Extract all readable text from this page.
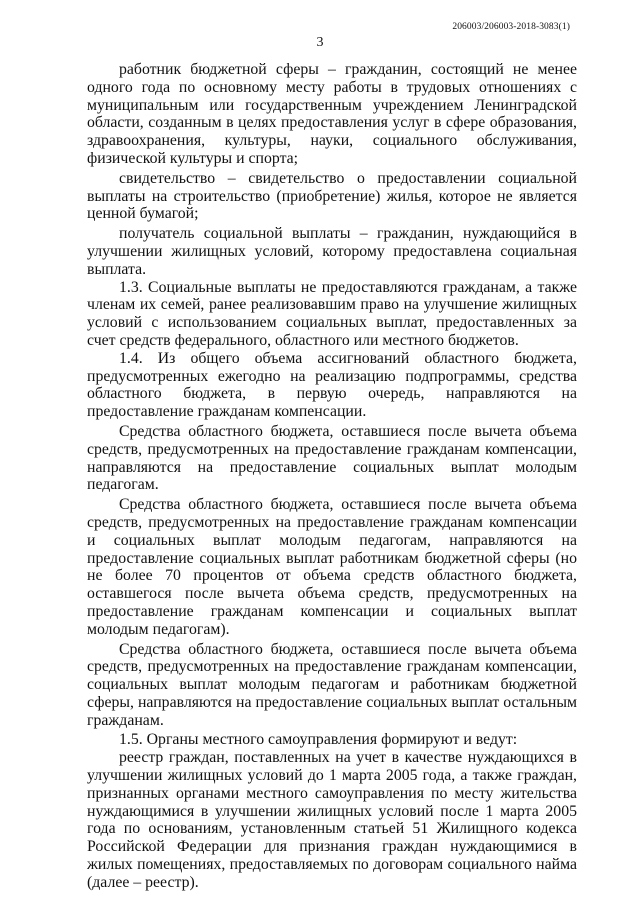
206003/206003-2018-3083(1)
3

работник бюджетной сферы – гражданин, состоящий не менее одного года по основному месту работы в трудовых отношениях с муниципальным или государственным учреждением Ленинградской области, созданным в целях предоставления услуг в сфере образования, здравоохранения, культуры, науки, социального обслуживания, физической культуры и спорта;

свидетельство – свидетельство о предоставлении социальной выплаты на строительство (приобретение) жилья, которое не является ценной бумагой;

получатель социальной выплаты – гражданин, нуждающийся в улучшении жилищных условий, которому предоставлена социальная выплата.

1.3. Социальные выплаты не предоставляются гражданам, а также членам их семей, ранее реализовавшим право на улучшение жилищных условий с использованием социальных выплат, предоставленных за счет средств федерального, областного или местного бюджетов.

1.4. Из общего объема ассигнований областного бюджета, предусмотренных ежегодно на реализацию подпрограммы, средства областного бюджета, в первую очередь, направляются на предоставление гражданам компенсации.

Средства областного бюджета, оставшиеся после вычета объема средств, предусмотренных на предоставление гражданам компенсации, направляются на предоставление социальных выплат молодым педагогам.

Средства областного бюджета, оставшиеся после вычета объема средств, предусмотренных на предоставление гражданам компенсации и социальных выплат молодым педагогам, направляются на предоставление социальных выплат работникам бюджетной сферы (но не более 70 процентов от объема средств областного бюджета, оставшегося после вычета объема средств, предусмотренных на предоставление гражданам компенсации и социальных выплат молодым педагогам).

Средства областного бюджета, оставшиеся после вычета объема средств, предусмотренных на предоставление гражданам компенсации, социальных выплат молодым педагогам и работникам бюджетной сферы, направляются на предоставление социальных выплат остальным гражданам.

1.5. Органы местного самоуправления формируют и ведут:

реестр граждан, поставленных на учет в качестве нуждающихся в улучшении жилищных условий до 1 марта 2005 года, а также граждан, признанных органами местного самоуправления по месту жительства нуждающимися в улучшении жилищных условий после 1 марта 2005 года по основаниям, установленным статьей 51 Жилищного кодекса Российской Федерации для признания граждан нуждающимися в жилых помещениях, предоставляемых по договорам социального найма (далее – реестр).
